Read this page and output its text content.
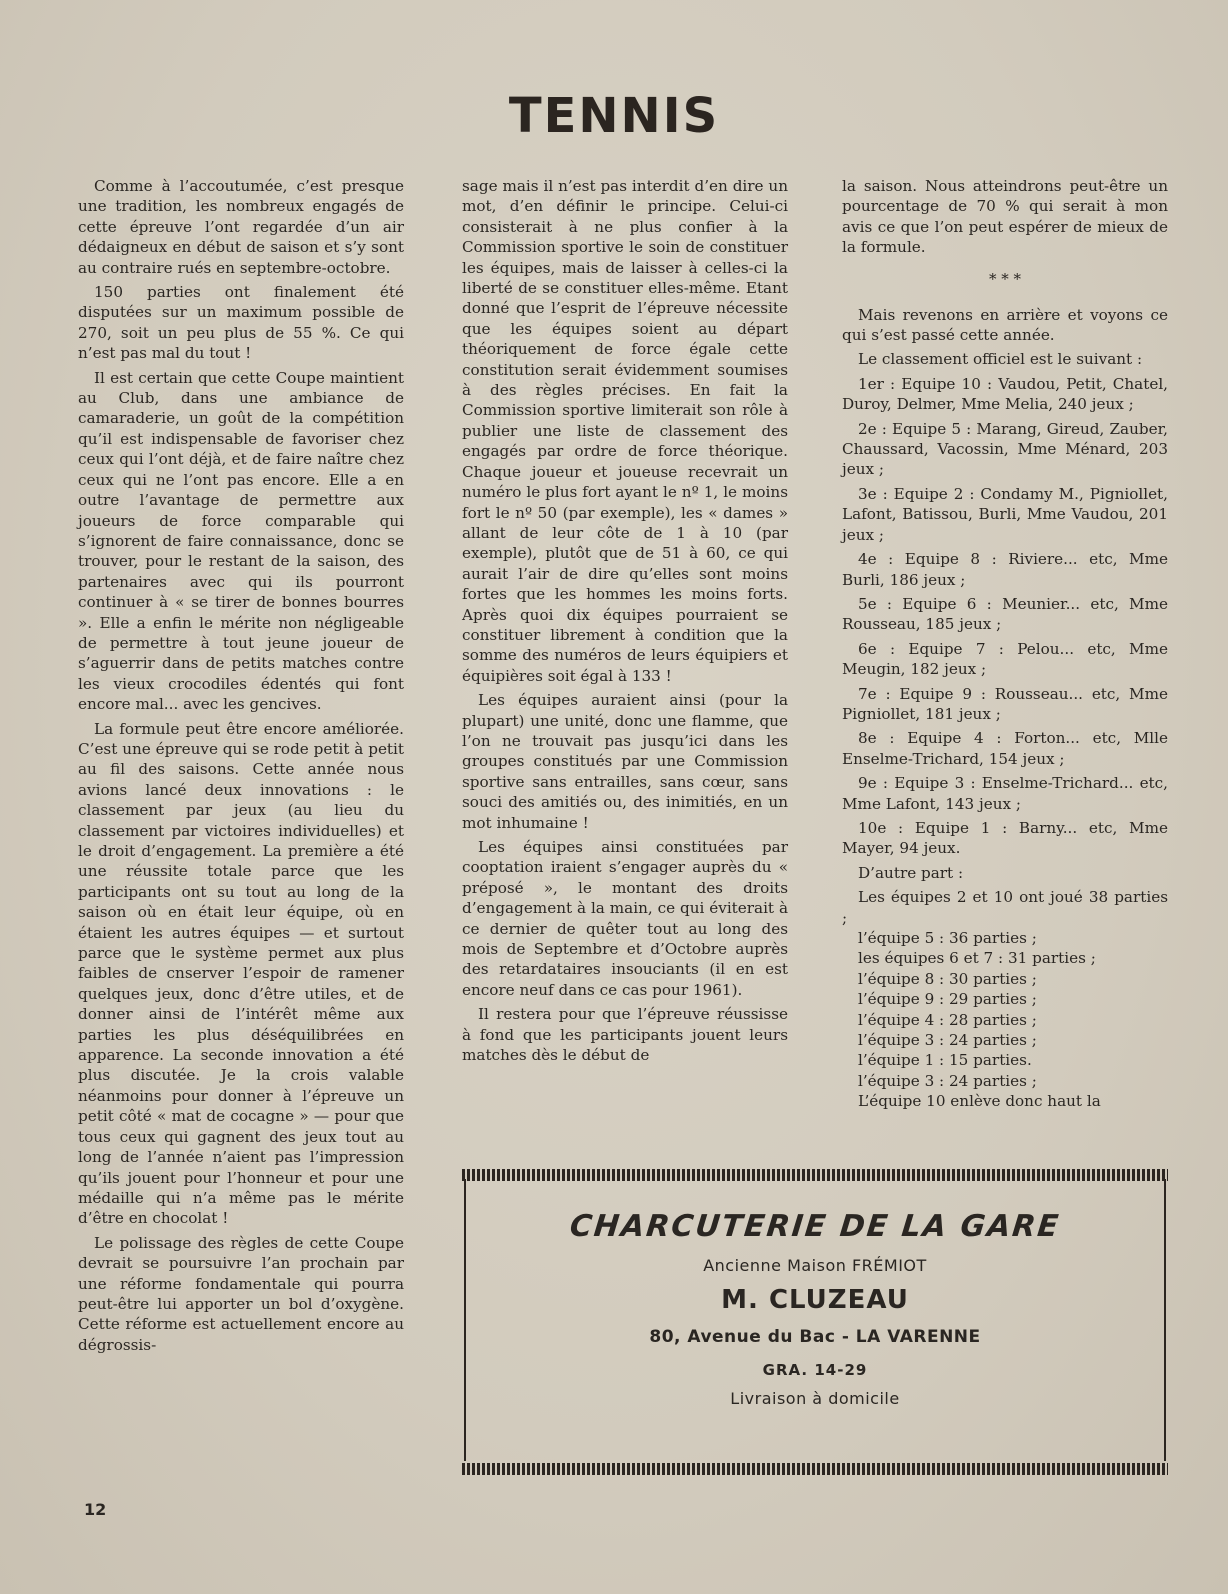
TENNIS

Comme à l’accoutumée, c’est presque une tradition, les nombreux engagés de cette épreuve l’ont regardée d’un air dédaigneux en début de saison et s’y sont au contraire rués en septembre-octobre.

150 parties ont finalement été disputées sur un maximum possible de 270, soit un peu plus de 55 %. Ce qui n’est pas mal du tout !

Il est certain que cette Coupe maintient au Club, dans une ambiance de camaraderie, un goût de la compétition qu’il est indispensable de favoriser chez ceux qui l’ont déjà, et de faire naître chez ceux qui ne l’ont pas encore. Elle a en outre l’avantage de permettre aux joueurs de force comparable qui s’ignorent de faire connaissance, donc se trouver, pour le restant de la saison, des partenaires avec qui ils pourront continuer à « se tirer de bonnes bourres ». Elle a enfin le mérite non négligeable de permettre à tout jeune joueur de s’aguerrir dans de petits matches contre les vieux crocodiles édentés qui font encore mal... avec les gencives.

La formule peut être encore améliorée. C’est une épreuve qui se rode petit à petit au fil des saisons. Cette année nous avions lancé deux innovations : le classement par jeux (au lieu du classement par victoires individuelles) et le droit d’engagement. La première a été une réussite totale parce que les participants ont su tout au long de la saison où en était leur équipe, où en étaient les autres équipes — et surtout parce que le système permet aux plus faibles de cnserver l’espoir de ramener quelques jeux, donc d’être utiles, et de donner ainsi de l’intérêt même aux parties les plus déséquilibrées en apparence. La seconde innovation a été plus discutée. Je la crois valable néanmoins pour donner à l’épreuve un petit côté « mat de cocagne » — pour que tous ceux qui gagnent des jeux tout au long de l’année n’aient pas l’impression qu’ils jouent pour l’honneur et pour une médaille qui n’a même pas le mérite d’être en chocolat !

Le polissage des règles de cette Coupe devrait se poursuivre l’an prochain par une réforme fondamentale qui pourra peut-être lui apporter un bol d’oxygène. Cette réforme est actuellement encore au dégrossis-

sage mais il n’est pas interdit d’en dire un mot, d’en définir le principe. Celui-ci consisterait à ne plus confier à la Commission sportive le soin de constituer les équipes, mais de laisser à celles-ci la liberté de se constituer elles-même. Etant donné que l’esprit de l’épreuve nécessite que les équipes soient au départ théoriquement de force égale cette constitution serait évidemment soumises à des règles précises. En fait la Commission sportive limiterait son rôle à publier une liste de classement des engagés par ordre de force théorique. Chaque joueur et joueuse recevrait un numéro le plus fort ayant le nº 1, le moins fort le nº 50 (par exemple), les « dames » allant de leur côte de 1 à 10 (par exemple), plutôt que de 51 à 60, ce qui aurait l’air de dire qu’elles sont moins fortes que les hommes les moins forts. Après quoi dix équipes pourraient se constituer librement à condition que la somme des numéros de leurs équipiers et équipières soit égal à 133 !

Les équipes auraient ainsi (pour la plupart) une unité, donc une flamme, que l’on ne trouvait pas jusqu’ici dans les groupes constitués par une Commission sportive sans entrailles, sans cœur, sans souci des amitiés ou, des inimitiés, en un mot inhumaine !

Les équipes ainsi constituées par cooptation iraient s’engager auprès du « préposé », le montant des droits d’engagement à la main, ce qui éviterait à ce dernier de quêter tout au long des mois de Septembre et d’Octobre auprès des retardataires insouciants (il en est encore neuf dans ce cas pour 1961).

Il restera pour que l’épreuve réussisse à fond que les participants jouent leurs matches dès le début de

la saison. Nous atteindrons peut-être un pourcentage de 70 % qui serait à mon avis ce que l’on peut espérer de mieux de la formule.

* * *

Mais revenons en arrière et voyons ce qui s’est passé cette année.

Le classement officiel est le suivant :

1er : Equipe 10 : Vaudou, Petit, Chatel, Duroy, Delmer, Mme Melia, 240 jeux ;

2e : Equipe 5 : Marang, Gireud, Zauber, Chaussard, Vacossin, Mme Ménard, 203 jeux ;

3e : Equipe 2 : Condamy M., Pigniollet, Lafont, Batissou, Burli, Mme Vaudou, 201 jeux ;

4e : Equipe 8 : Riviere... etc, Mme Burli, 186 jeux ;

5e : Equipe 6 : Meunier... etc, Mme Rousseau, 185 jeux ;

6e : Equipe 7 : Pelou... etc, Mme Meugin, 182 jeux ;

7e : Equipe 9 : Rousseau... etc, Mme Pigniollet, 181 jeux ;

8e : Equipe 4 : Forton... etc, Mlle Enselme-Trichard, 154 jeux ;

9e : Equipe 3 : Enselme-Trichard... etc, Mme Lafont, 143 jeux ;

10e : Equipe 1 : Barny... etc, Mme Mayer, 94 jeux.

D’autre part :

Les équipes 2 et 10 ont joué 38 parties ;

l’équipe 5 : 36 parties ;

les équipes 6 et 7 : 31 parties ;

l’équipe 8 : 30 parties ;

l’équipe 9 : 29 parties ;

l’équipe 4 : 28 parties ;

l’équipe 3 : 24 parties ;

l’équipe 1 : 15 parties.

l’équipe 3 : 24 parties ;

L’équipe 10 enlève donc haut la

CHARCUTERIE DE LA GARE
Ancienne Maison FRÉMIOT
M. CLUZEAU
80, Avenue du Bac - LA VARENNE
GRA. 14-29
Livraison à domicile
12
